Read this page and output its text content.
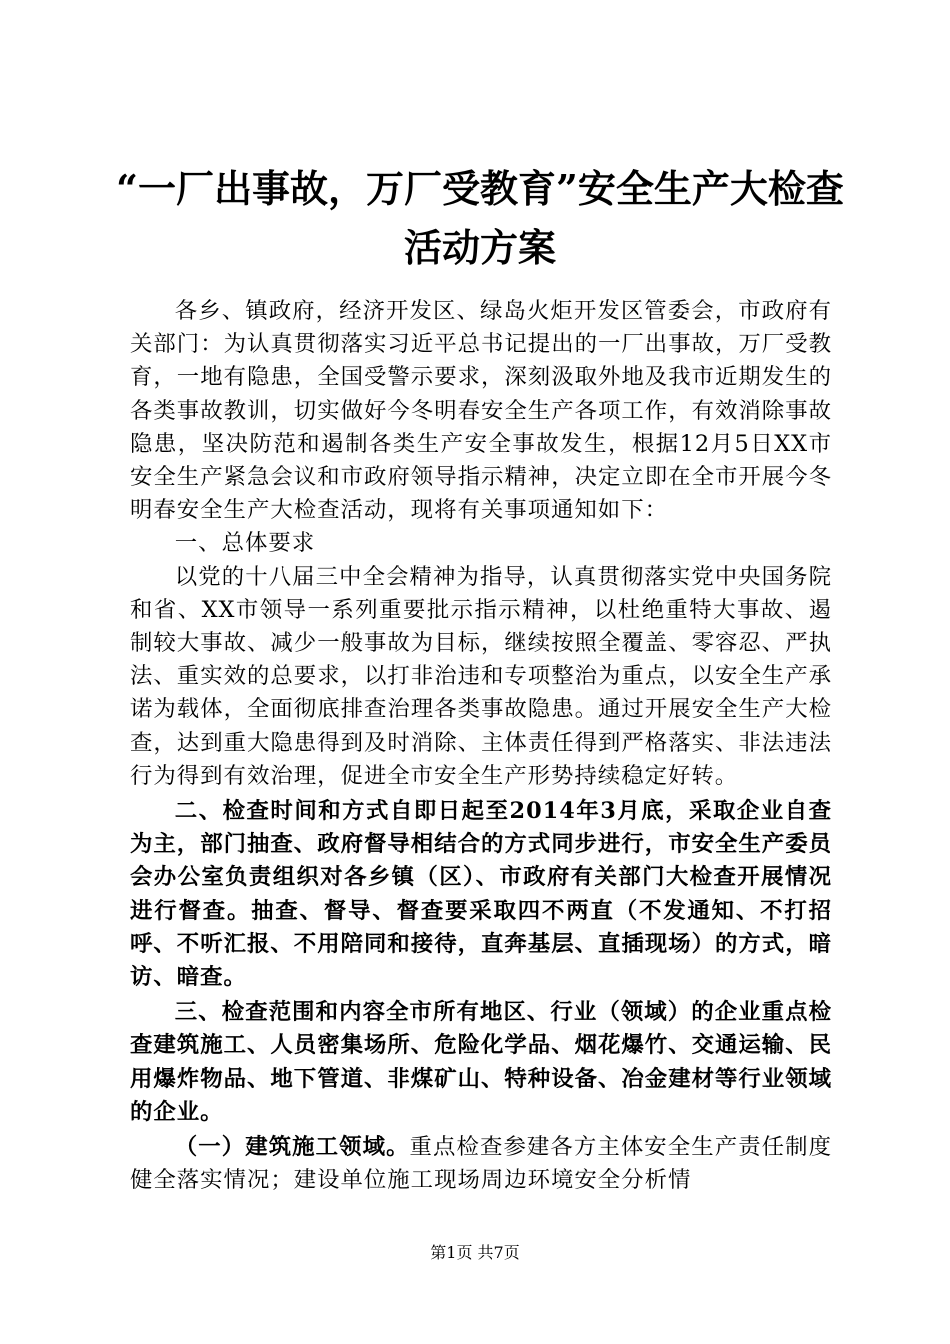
“一厂出事故，万厂受教育”安全生产大检查
活动方案

各乡、镇政府，经济开发区、绿岛火炬开发区管委会，市政府有关部门：为认真贯彻落实习近平总书记提出的一厂出事故，万厂受教育，一地有隐患，全国受警示要求，深刻汲取外地及我市近期发生的各类事故教训，切实做好今冬明春安全生产各项工作，有效消除事故隐患，坚决防范和遏制各类生产安全事故发生，根据12月5日XX市安全生产紧急会议和市政府领导指示精神，决定立即在全市开展今冬明春安全生产大检查活动，现将有关事项通知如下：

一、总体要求

以党的十八届三中全会精神为指导，认真贯彻落实党中央国务院和省、XX市领导一系列重要批示指示精神，以杜绝重特大事故、遏制较大事故、减少一般事故为目标，继续按照全覆盖、零容忍、严执法、重实效的总要求，以打非治违和专项整治为重点，以安全生产承诺为载体，全面彻底排查治理各类事故隐患。通过开展安全生产大检查，达到重大隐患得到及时消除、主体责任得到严格落实、非法违法行为得到有效治理，促进全市安全生产形势持续稳定好转。

二、检查时间和方式自即日起至2014年3月底，采取企业自查为主，部门抽查、政府督导相结合的方式同步进行，市安全生产委员会办公室负责组织对各乡镇（区）、市政府有关部门大检查开展情况进行督查。抽查、督导、督查要采取四不两直（不发通知、不打招呼、不听汇报、不用陪同和接待，直奔基层、直插现场）的方式，暗访、暗查。

三、检查范围和内容全市所有地区、行业（领域）的企业重点检查建筑施工、人员密集场所、危险化学品、烟花爆竹、交通运输、民用爆炸物品、地下管道、非煤矿山、特种设备、冶金建材等行业领域的企业。

（一）建筑施工领域。重点检查参建各方主体安全生产责任制度健全落实情况；建设单位施工现场周边环境安全分析情

第1页 共7页
